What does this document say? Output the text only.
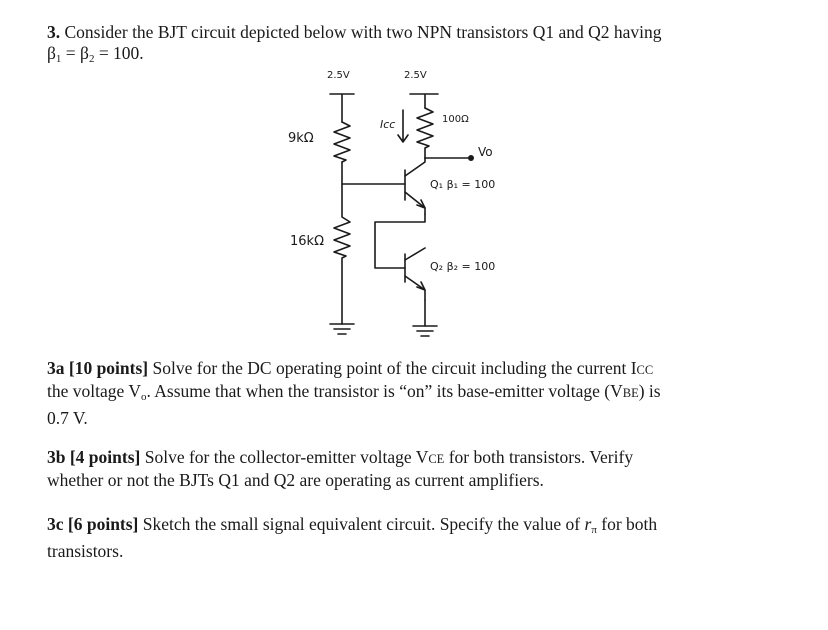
3. Consider the BJT circuit depicted below with two NPN transistors Q1 and Q2 having
$\beta_1 = \beta_2 = 100$.
2.5V	2.5V
9kΩ
16kΩ
Icc	100Ω
Vo
Q₁ β₁ = 100
Q₂ β₂ = 100
3a [10 points] Solve for the DC operating point of the circuit including the current ICC
the voltage $V_o$. Assume that when the transistor is “on” its base-emitter voltage (VBE) is
0.7 V.
3b [4 points] Solve for the collector-emitter voltage VCE for both transistors. Verify
whether or not the BJTs Q1 and Q2 are operating as current amplifiers.
3c [6 points] Sketch the small signal equivalent circuit. Specify the value of $r_\pi$ for both
transistors.
